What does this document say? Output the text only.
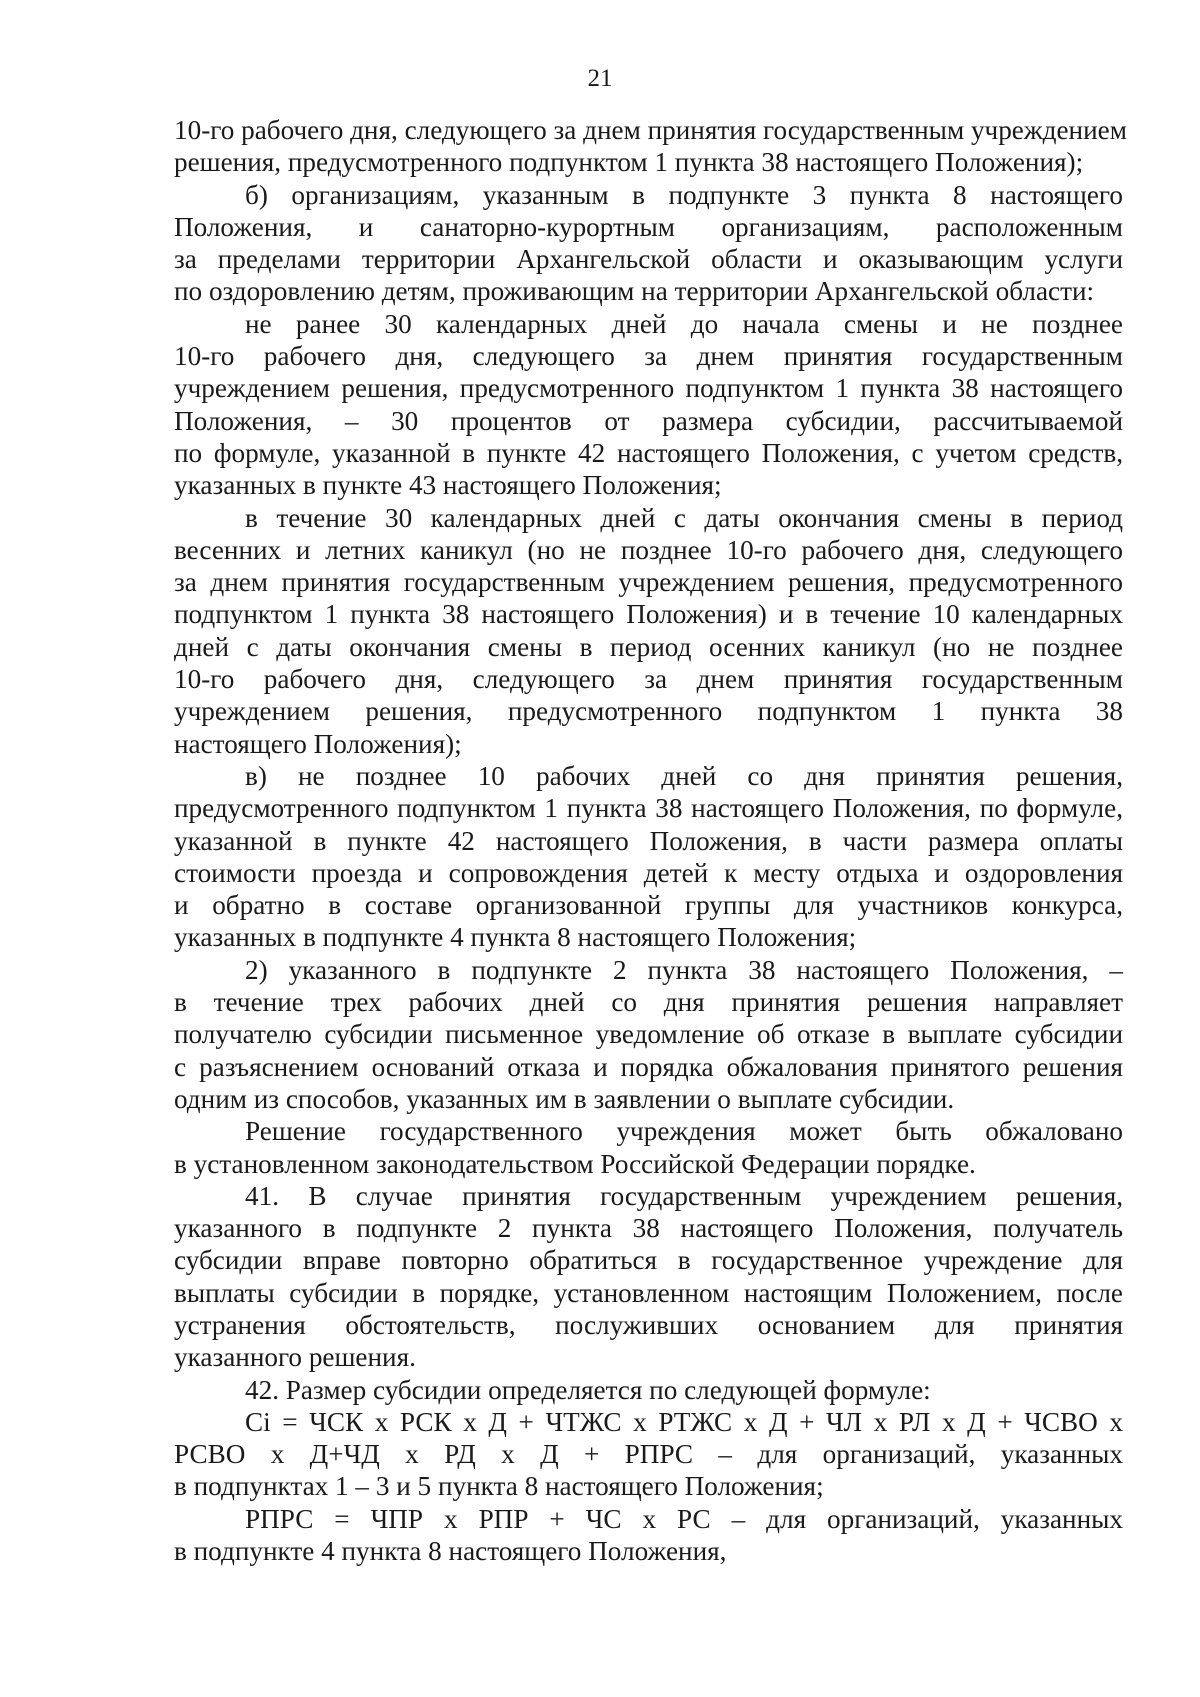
21
10-го рабочего дня, следующего за днем принятия государственным учреждением
решения, предусмотренного подпунктом 1 пункта 38 настоящего Положения);
б) организациям, указанным в подпункте 3 пункта 8 настоящего
Положения, и санаторно-курортным организациям, расположенным
за пределами территории Архангельской области и оказывающим услуги
по оздоровлению детям, проживающим на территории Архангельской области:
не ранее 30 календарных дней до начала смены и не позднее
10-го рабочего дня, следующего за днем принятия государственным
учреждением решения, предусмотренного подпунктом 1 пункта 38 настоящего
Положения, – 30 процентов от размера субсидии, рассчитываемой
по формуле, указанной в пункте 42 настоящего Положения, с учетом средств,
указанных в пункте 43 настоящего Положения;
в течение 30 календарных дней с даты окончания смены в период
весенних и летних каникул (но не позднее 10-го рабочего дня, следующего
за днем принятия государственным учреждением решения, предусмотренного
подпунктом 1 пункта 38 настоящего Положения) и в течение 10 календарных
дней с даты окончания смены в период осенних каникул (но не позднее
10-го рабочего дня, следующего за днем принятия государственным
учреждением решения, предусмотренного подпунктом 1 пункта 38
настоящего Положения);
в) не позднее 10 рабочих дней со дня принятия решения,
предусмотренного подпунктом 1 пункта 38 настоящего Положения, по формуле,
указанной в пункте 42 настоящего Положения, в части размера оплаты
стоимости проезда и сопровождения детей к месту отдыха и оздоровления
и обратно в составе организованной группы для участников конкурса,
указанных в подпункте 4 пункта 8 настоящего Положения;
2) указанного в подпункте 2 пункта 38 настоящего Положения, –
в течение трех рабочих дней со дня принятия решения направляет
получателю субсидии письменное уведомление об отказе в выплате субсидии
с разъяснением оснований отказа и порядка обжалования принятого решения
одним из способов, указанных им в заявлении о выплате субсидии.
Решение государственного учреждения может быть обжаловано
в установленном законодательством Российской Федерации порядке.
41. В случае принятия государственным учреждением решения,
указанного в подпункте 2 пункта 38 настоящего Положения, получатель
субсидии вправе повторно обратиться в государственное учреждение для
выплаты субсидии в порядке, установленном настоящим Положением, после
устранения обстоятельств, послуживших основанием для принятия
указанного решения.
42. Размер субсидии определяется по следующей формуле:
Сi = ЧСК х РСК х Д + ЧТЖС х РТЖС х Д + ЧЛ х РЛ х Д + ЧСВО х
РСВО х Д+ЧД х РД х Д + РПРС – для организаций, указанных
в подпунктах 1 – 3 и 5 пункта 8 настоящего Положения;
РПРС = ЧПР х РПР + ЧС х РС – для организаций, указанных
в подпункте 4 пункта 8 настоящего Положения,
